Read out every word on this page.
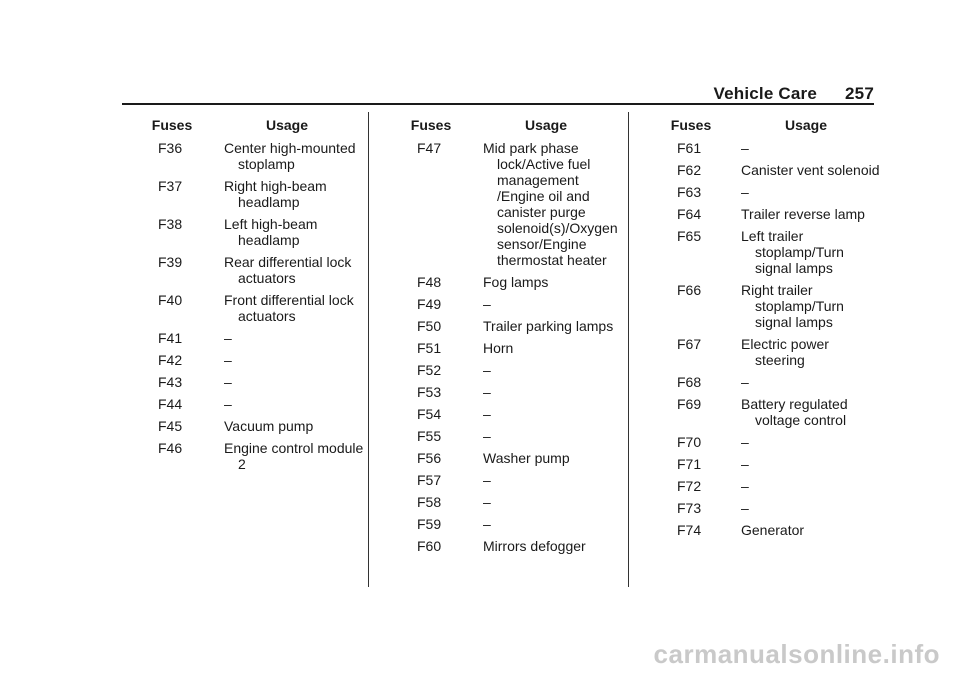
Vehicle Care 257
Fuses	Usage
F36	Center high-mounted stoplamp
F37	Right high-beam headlamp
F38	Left high-beam headlamp
F39	Rear differential lock actuators
F40	Front differential lock actuators
F41	–
F42	–
F43	–
F44	–
F45	Vacuum pump
F46	Engine control module 2
Fuses	Usage
F47	Mid park phase lock/Active fuel management /Engine oil and canister purge solenoid(s)/Oxygen sensor/Engine thermostat heater
F48	Fog lamps
F49	–
F50	Trailer parking lamps
F51	Horn
F52	–
F53	–
F54	–
F55	–
F56	Washer pump
F57	–
F58	–
F59	–
F60	Mirrors defogger
Fuses	Usage
F61	–
F62	Canister vent solenoid
F63	–
F64	Trailer reverse lamp
F65	Left trailer stoplamp/Turn signal lamps
F66	Right trailer stoplamp/Turn signal lamps
F67	Electric power steering
F68	–
F69	Battery regulated voltage control
F70	–
F71	–
F72	–
F73	–
F74	Generator
carmanualsonline.info
